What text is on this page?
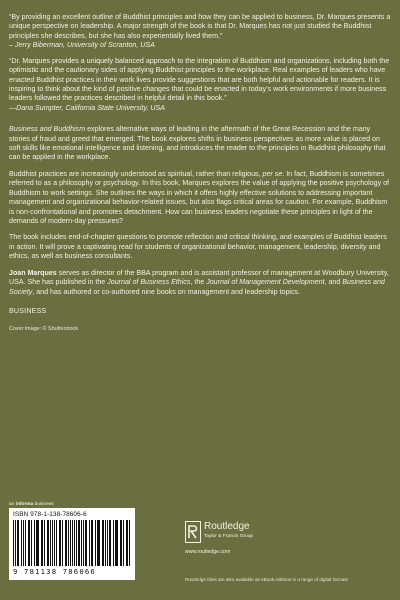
“By providing an excellent outline of Buddhist principles and how they can be applied to business, Dr. Marques presents a unique perspective on leadership. A major strength of the book is that Dr. Marques has not just studied the Buddhist principles she describes, but she has also experientially lived them.”

– Jerry Biberman, University of Scranton, USA

“Dr. Marques provides a uniquely balanced approach to the integration of Buddhism and organizations, including both the optimistic and the cautionary sides of applying Buddhist principles to the workplace. Real examples of leaders who have enacted Buddhist practices in their work lives provide suggestions that are both helpful and actionable for readers. It is inspiring to think about the kind of positive changes that could be enacted in today’s work environments if more business leaders followed the practices described in helpful detail in this book.”

—Dana Sumpter, California State University, USA

Business and Buddhism explores alternative ways of leading in the aftermath of the Great Recession and the many stories of fraud and greed that emerged. The book explores shifts in business perspectives as more value is placed on soft skills like emotional intelligence and listening, and introduces the reader to the principles in Buddhist philosophy that can be applied in the workplace.

Buddhist practices are increasingly understood as spiritual, rather than religious, per se. In fact, Buddhism is sometimes referred to as a philosophy or psychology. In this book, Marques explores the value of applying the positive psychology of Buddhism to work settings. She outlines the ways in which it offers highly effective solutions to addressing important management and organizational behavior-related issues, but also flags critical areas for caution. For example, Buddhism is non-confrontational and promotes detachment. How can business leaders negotiate these principles in light of the demands of modern-day pressures?

The book includes end-of-chapter questions to promote reflection and critical thinking, and examples of Buddhist leaders in action. It will prove a captivating read for students of organizational behavior, management, leadership, diversity and ethics, as well as business consultants.

Joan Marques serves as director of the BBA program and is assistant professor of management at Woodbury University, USA. She has published in the Journal of Business Ethics, the Journal of Management Development, and Business and Society, and has authored or co-authored nine books on management and leadership topics.

BUSINESS

Cover image: © Shutterstock

an informa business
ISBN 978-1-138-78606-6
9 781138 786066
Routledge
Taylor & Francis Group
www.routledge.com
Routledge titles are also available as eBook editions in a range of digital formats
